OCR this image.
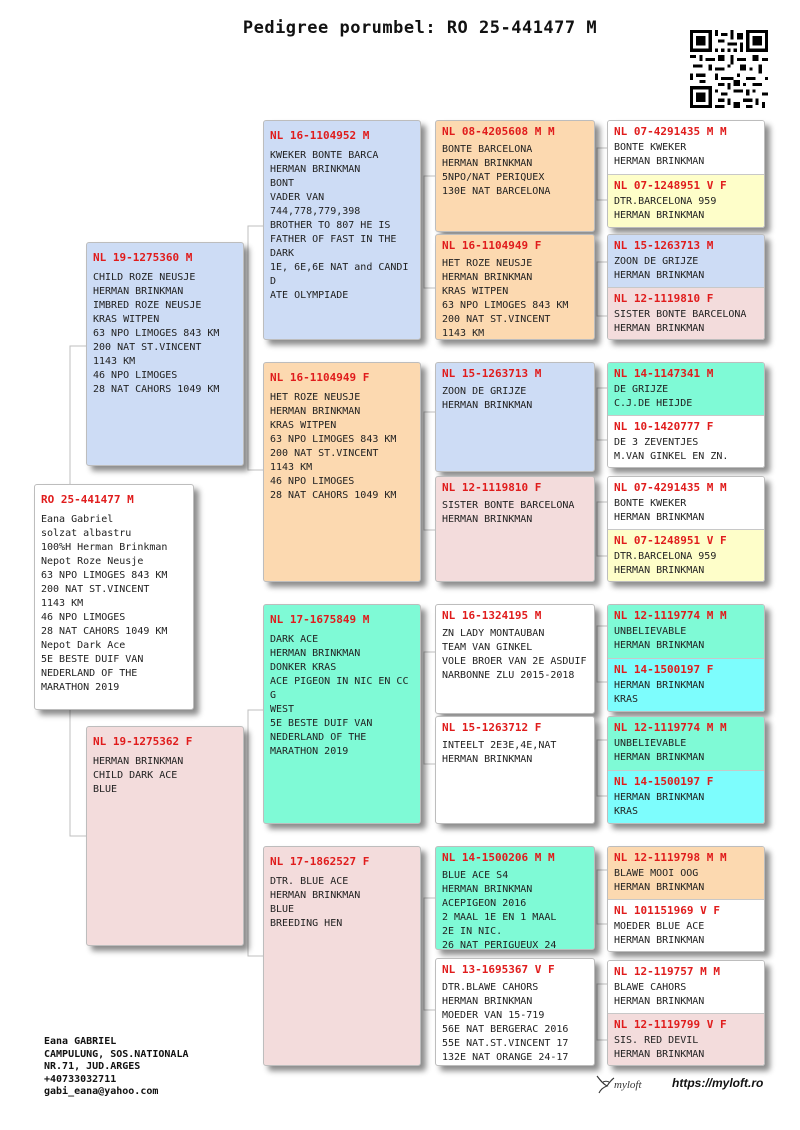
Pedigree porumbel: RO 25-441477 M
RO 25-441477 M
Eana Gabriel
solzat albastru
100%H Herman Brinkman
Nepot Roze Neusje
63 NPO LIMOGES 843 KM
200 NAT ST.VINCENT
1143 KM
46 NPO LIMOGES
28 NAT CAHORS 1049 KM
Nepot Dark Ace
5E BESTE DUIF VAN
NEDERLAND OF THE
MARATHON 2019
NL 19-1275360 M
CHILD ROZE NEUSJE
HERMAN BRINKMAN
IMBRED ROZE NEUSJE
KRAS WITPEN
63 NPO LIMOGES 843 KM
200 NAT ST.VINCENT
1143 KM
46 NPO LIMOGES
28 NAT CAHORS 1049 KM
NL 19-1275362 F
HERMAN BRINKMAN
CHILD DARK ACE
BLUE
NL 16-1104952 M
KWEKER BONTE BARCA
HERMAN BRINKMAN
BONT
VADER VAN
744,778,779,398
BROTHER TO 807 HE IS
FATHER OF FAST IN THE
DARK
1E, 6E,6E NAT and CANDID
ATE OLYMPIADE
NL 16-1104949 F
HET ROZE NEUSJE
HERMAN BRINKMAN
KRAS WITPEN
63 NPO LIMOGES 843 KM
200 NAT ST.VINCENT
1143 KM
46 NPO LIMOGES
28 NAT CAHORS 1049 KM
NL 17-1675849 M
DARK ACE
HERMAN BRINKMAN
DONKER KRAS
ACE PIGEON IN NIC EN CCG
WEST
5E BESTE DUIF VAN
NEDERLAND OF THE
MARATHON 2019
NL 17-1862527 F
DTR. BLUE ACE
HERMAN BRINKMAN
BLUE
BREEDING HEN
NL 08-4205608 M M
BONTE BARCELONA
HERMAN BRINKMAN
5NPO/NAT PERIQUEX
130E NAT BARCELONA
NL 16-1104949 F
HET ROZE NEUSJE
HERMAN BRINKMAN
KRAS WITPEN
63 NPO LIMOGES 843 KM
200 NAT ST.VINCENT
1143 KM
NL 15-1263713 M
ZOON DE GRIJZE
HERMAN BRINKMAN
NL 12-1119810 F
SISTER BONTE BARCELONA
HERMAN BRINKMAN
NL 16-1324195 M
ZN LADY MONTAUBAN
TEAM VAN GINKEL
VOLE BROER VAN 2E ASDUIF
NARBONNE ZLU 2015-2018
NL 15-1263712 F
INTEELT 2E3E,4E,NAT
HERMAN BRINKMAN
NL 14-1500206 M M
BLUE ACE S4
HERMAN BRINKMAN
ACEPIGEON 2016
2 MAAL 1E EN 1 MAAL
2E IN NIC.
26 NAT PERIGUEUX 24
NL 13-1695367 V F
DTR.BLAWE CAHORS
HERMAN BRINKMAN
MOEDER VAN 15-719
56E NAT BERGERAC 2016
55E NAT.ST.VINCENT 17
132E NAT ORANGE 24-17
NL 07-4291435 M M
BONTE KWEKER
HERMAN BRINKMAN
NL 07-1248951 V F
DTR.BARCELONA 959
HERMAN BRINKMAN
NL 15-1263713 M
ZOON DE GRIJZE
HERMAN BRINKMAN
NL 12-1119810 F
SISTER BONTE BARCELONA
HERMAN BRINKMAN
NL 14-1147341 M
DE GRIJZE
C.J.DE HEIJDE
NL 10-1420777 F
DE 3 ZEVENTJES
M.VAN GINKEL EN ZN.
NL 07-4291435 M M
BONTE KWEKER
HERMAN BRINKMAN
NL 07-1248951 V F
DTR.BARCELONA 959
HERMAN BRINKMAN
NL 12-1119774 M M
UNBELIEVABLE
HERMAN BRINKMAN
NL 14-1500197 F
HERMAN BRINKMAN
KRAS
NL 12-1119774 M M
UNBELIEVABLE
HERMAN BRINKMAN
NL 14-1500197 F
HERMAN BRINKMAN
KRAS
NL 12-1119798 M M
BLAWE MOOI OOG
HERMAN BRINKMAN
NL 101151969 V F
MOEDER BLUE ACE
HERMAN BRINKMAN
NL 12-119757 M M
BLAWE CAHORS
HERMAN BRINKMAN
NL 12-1119799 V F
SIS. RED DEVIL
HERMAN BRINKMAN
Eana GABRIEL
CAMPULUNG, SOS.NATIONALA
NR.71, JUD.ARGES
+40733032711
gabi_eana@yahoo.com
myloft	https://myloft.ro
